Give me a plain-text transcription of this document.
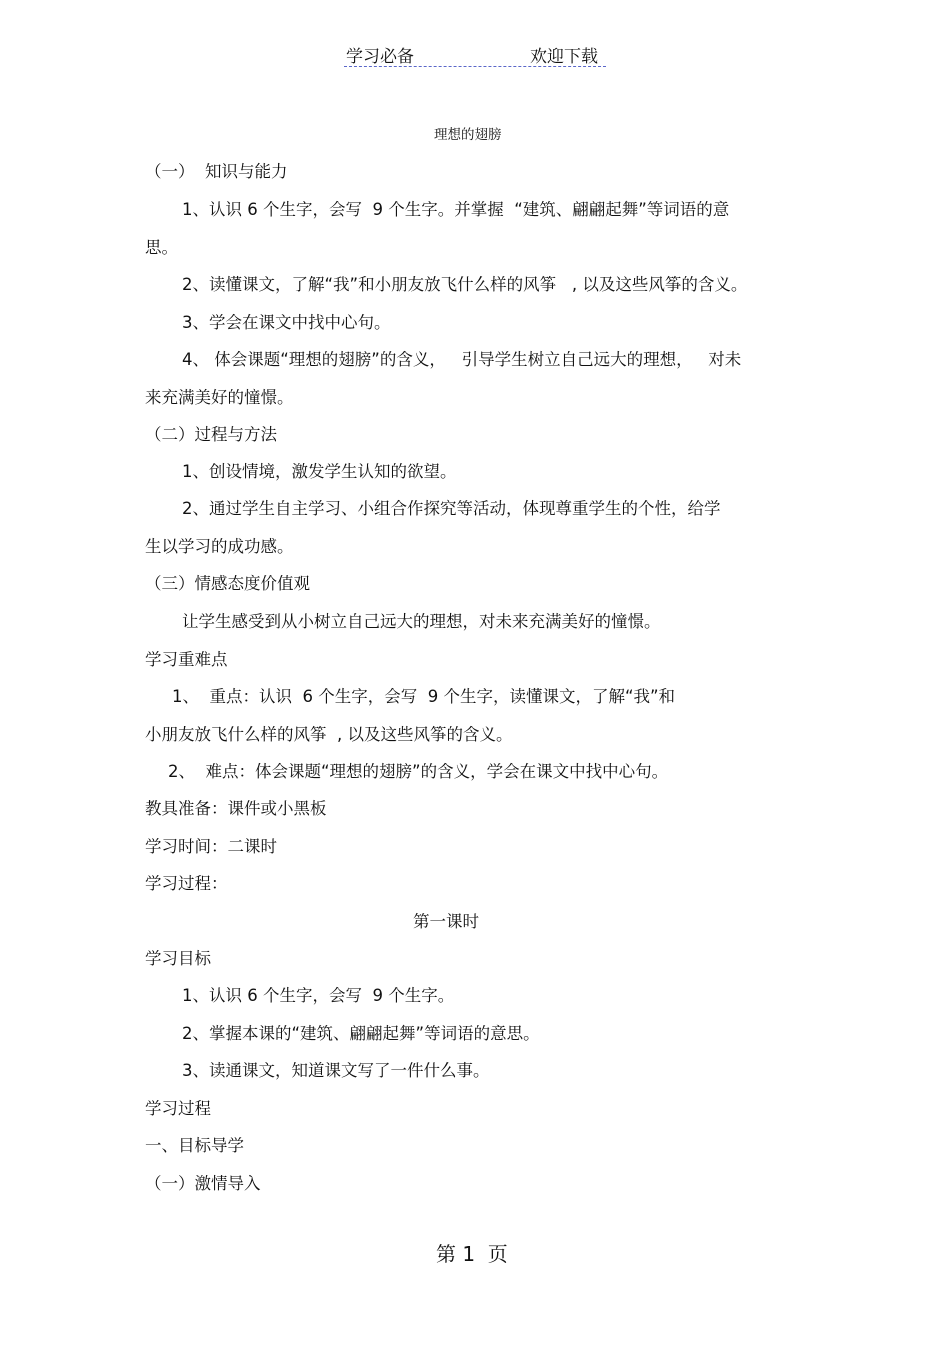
学习必备	欢迎下载
理想的翅膀
（一）  知识与能力
1、认识 6 个生字，会写  9 个生字。并掌握  “建筑、翩翩起舞”等词语的意
思。
2、读懂课文，了解“我”和小朋友放飞什么样的风筝   , 以及这些风筝的含义。
3、学会在课文中找中心句。
4、 体会课题“理想的翅膀”的含义，   引导学生树立自己远大的理想，   对未
来充满美好的憧憬。
（二）过程与方法
1、创设情境，激发学生认知的欲望。
2、通过学生自主学习、小组合作探究等活动，体现尊重学生的个性，给学
生以学习的成功感。
（三）情感态度价值观
让学生感受到从小树立自己远大的理想，对未来充满美好的憧憬。
学习重难点
1、  重点：认识  6 个生字，会写  9 个生字，读懂课文，了解“我”和
小朋友放飞什么样的风筝  , 以及这些风筝的含义。
2、  难点：体会课题“理想的翅膀”的含义，学会在课文中找中心句。
教具准备：课件或小黑板
学习时间：二课时
学习过程：
第一课时
学习目标
1、认识 6 个生字，会写  9 个生字。
2、掌握本课的“建筑、翩翩起舞”等词语的意思。
3、读通课文，知道课文写了一件什么事。
学习过程
一、目标导学
（一）激情导入
第 1  页
